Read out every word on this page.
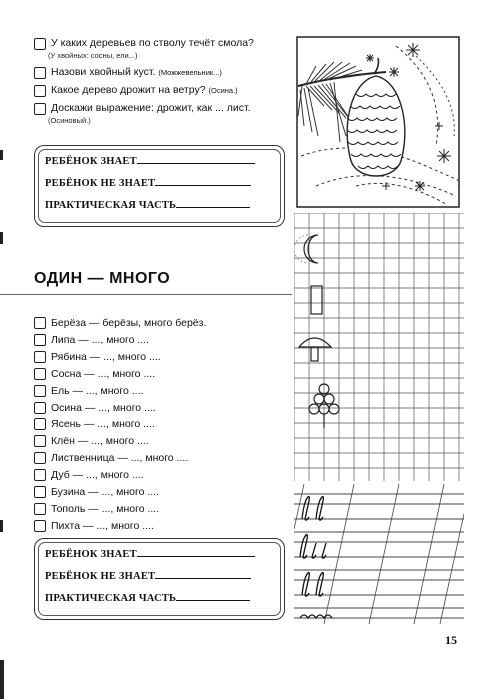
У каких деревьев по стволу течёт смола?
(У хвойных: сосны, ели...)
Назови хвойный куст. (Можжевельник...)
Какое дерево дрожит на ветру? (Осина.)
Доскажи выражение: дрожит, как ... лист.
(Осиновый.)
РЕБЁНОК ЗНАЕТ
РЕБЁНОК НЕ ЗНАЕТ
ПРАКТИЧЕСКАЯ ЧАСТЬ
ОДИН — МНОГО
Берёза — берёзы, много берёз.
Липа — ..., много ....
Рябина — ..., много ....
Сосна — ..., много ....
Ель — ..., много ....
Осина — ..., много ....
Ясень — ..., много ....
Клён — ..., много ....
Лиственница — ..., много ....
Дуб — ..., много ....
Бузина — ..., много ....
Тополь — ..., много ....
Пихта — ..., много ....
РЕБЁНОК ЗНАЕТ
РЕБЁНОК НЕ ЗНАЕТ
ПРАКТИЧЕСКАЯ ЧАСТЬ
15
